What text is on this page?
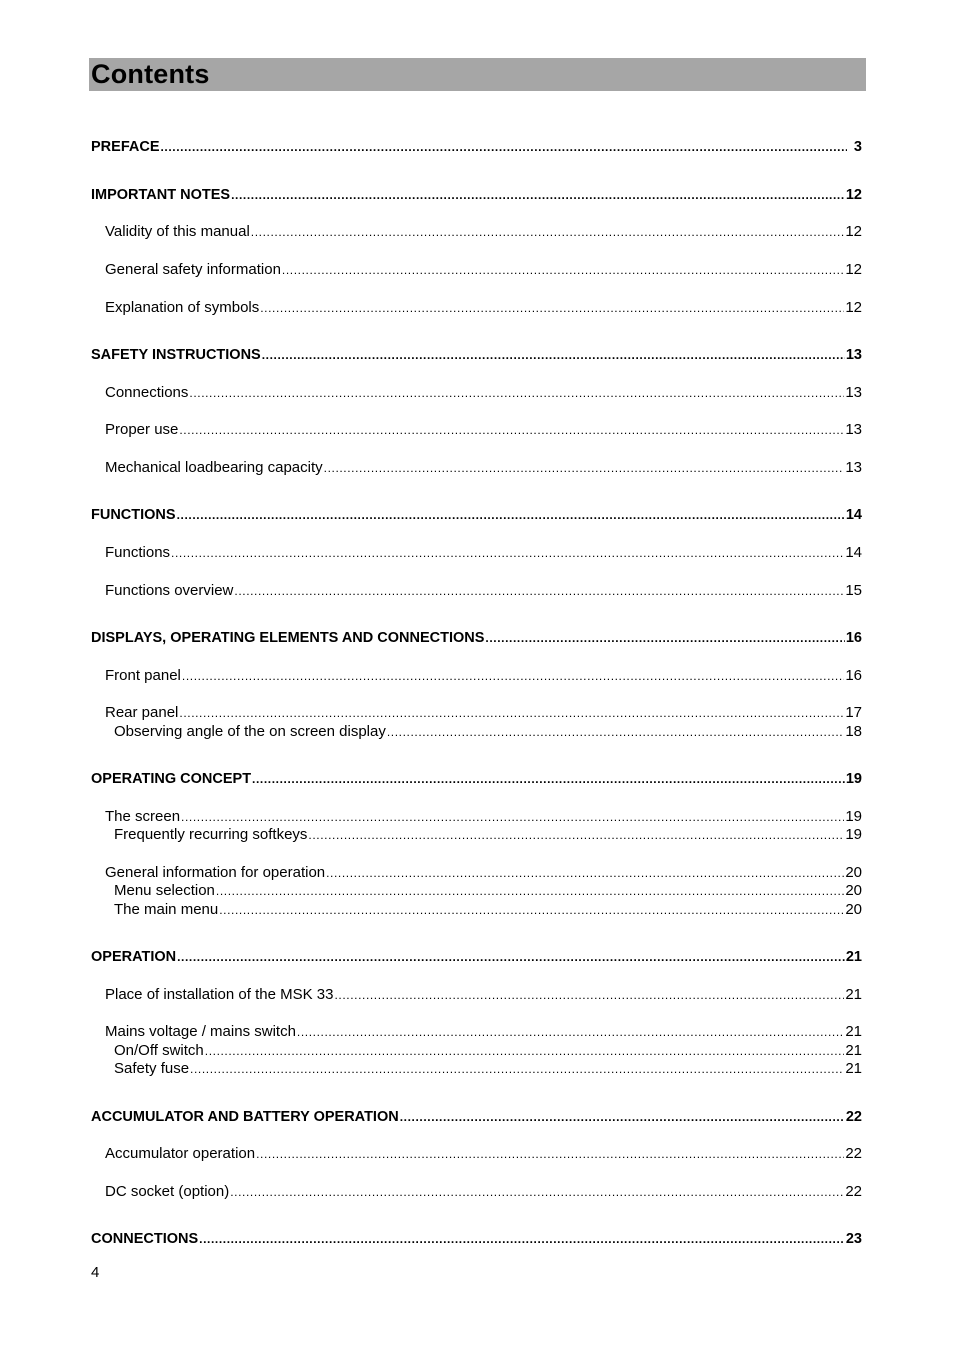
Contents
PREFACE .....	3
IMPORTANT NOTES .....	12
Validity of this manual .....	12
General safety information .....	12
Explanation of symbols .....	12
SAFETY INSTRUCTIONS .....	13
Connections .....	13
Proper use .....	13
Mechanical loadbearing capacity .....	13
FUNCTIONS .....	14
Functions .....	14
Functions overview .....	15
DISPLAYS, OPERATING ELEMENTS AND CONNECTIONS .....	16
Front panel .....	16
Rear panel .....	17
Observing angle of the on screen display .....	18
OPERATING CONCEPT .....	19
The screen .....	19
Frequently recurring softkeys .....	19
General information for operation .....	20
Menu selection .....	20
The main menu .....	20
OPERATION .....	21
Place of installation of the MSK 33 .....	21
Mains voltage / mains switch .....	21
On/Off switch .....	21
Safety fuse .....	21
ACCUMULATOR AND BATTERY OPERATION .....	22
Accumulator operation .....	22
DC socket (option) .....	22
CONNECTIONS .....	23
4
